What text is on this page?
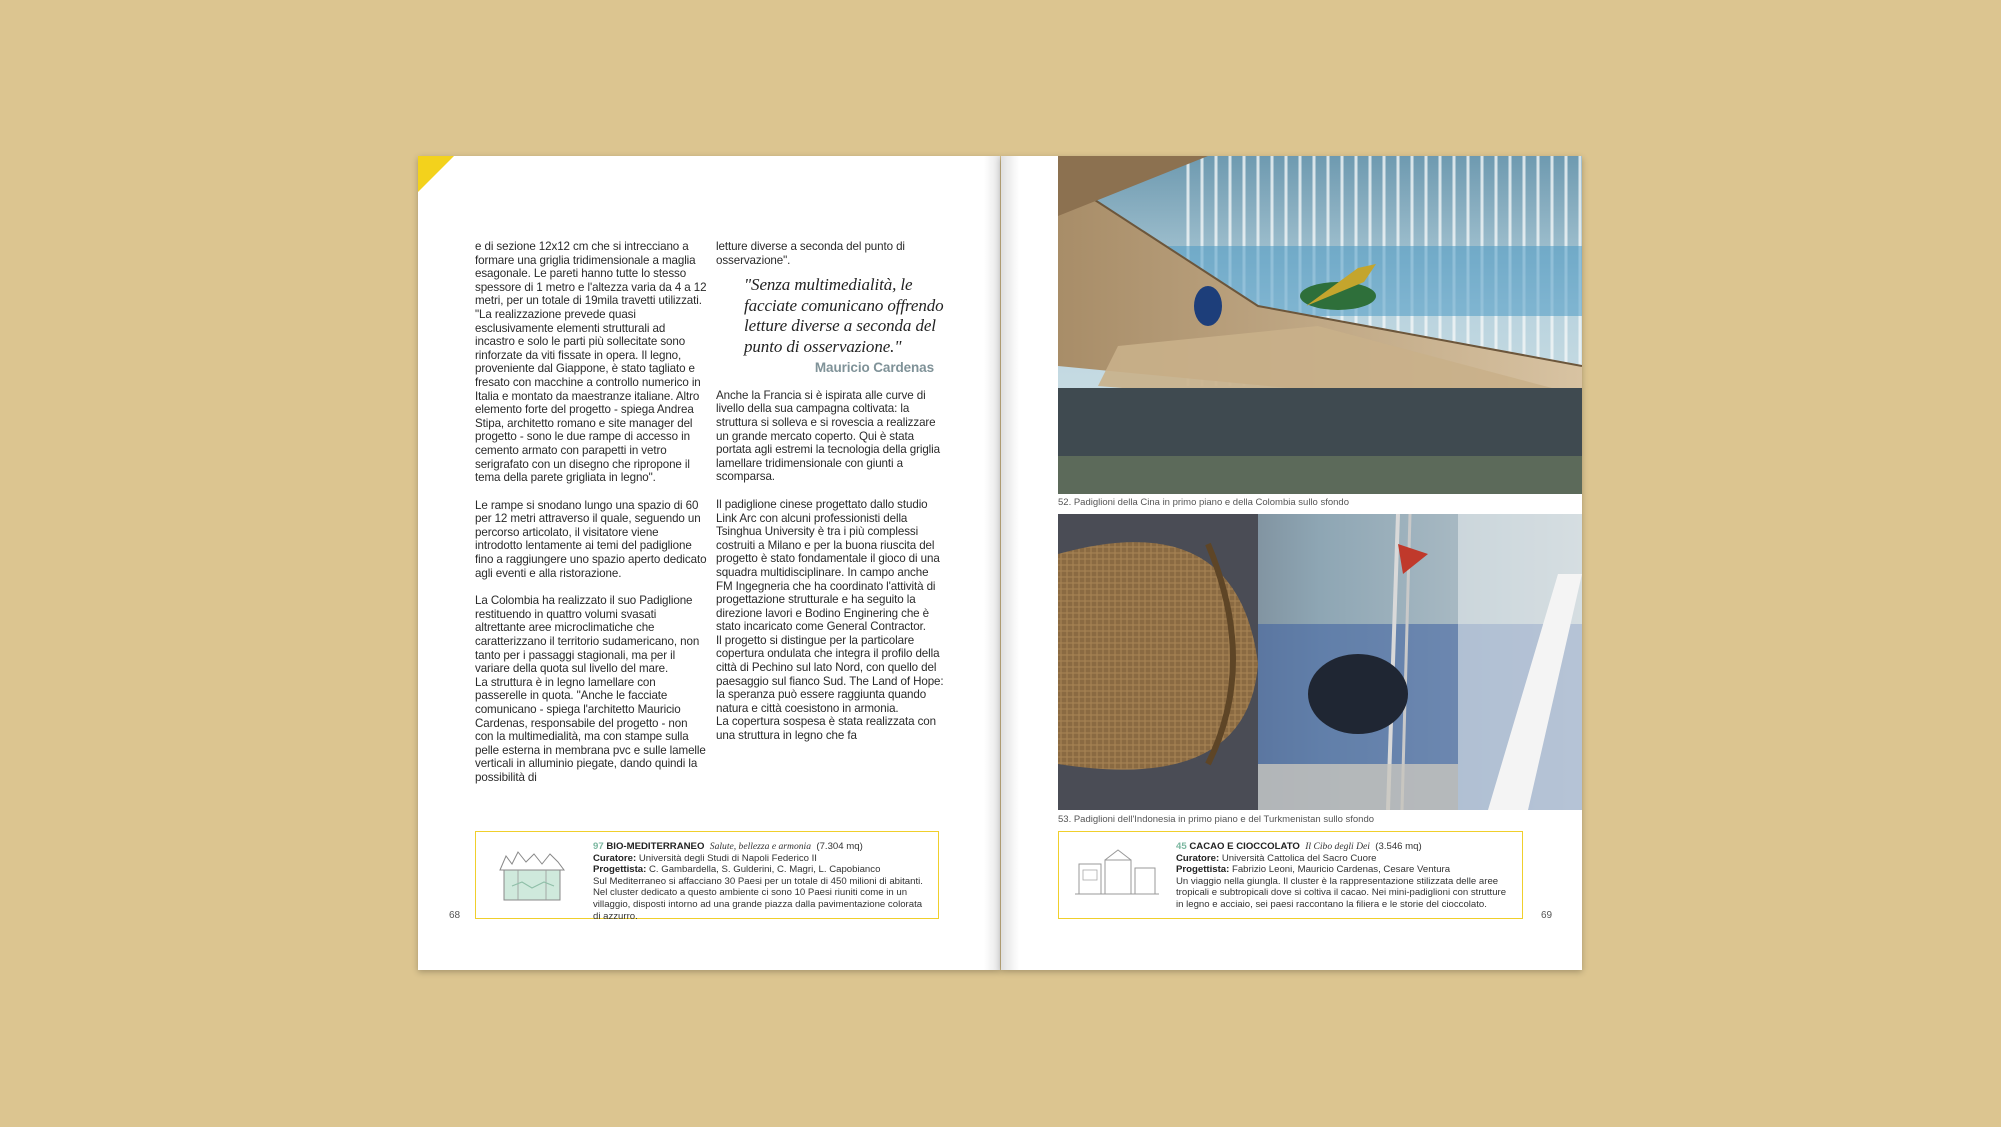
e di sezione 12x12 cm che si intrecciano a formare una griglia tridimensionale a maglia esagonale. Le pareti hanno tutte lo stesso spessore di 1 metro e l'altezza varia da 4 a 12 metri, per un totale di 19mila travetti utilizzati. "La realizzazione prevede quasi esclusivamente elementi strutturali ad incastro e solo le parti più sollecitate sono rinforzate da viti fissate in opera. Il legno, proveniente dal Giappone, è stato tagliato e fresato con macchine a controllo numerico in Italia e montato da maestranze italiane. Altro elemento forte del progetto - spiega Andrea Stipa, architetto romano e site manager del progetto - sono le due rampe di accesso in cemento armato con parapetti in vetro serigrafato con un disegno che ripropone il tema della parete grigliata in legno".

Le rampe si snodano lungo una spazio di 60 per 12 metri attraverso il quale, seguendo un percorso articolato, il visitatore viene introdotto lentamente ai temi del padiglione fino a raggiungere uno spazio aperto dedicato agli eventi e alla ristorazione.

La Colombia ha realizzato il suo Padiglione restituendo in quattro volumi svasati altrettante aree microclimatiche che caratterizzano il territorio sudamericano, non tanto per i passaggi stagionali, ma per il variare della quota sul livello del mare.

La struttura è in legno lamellare con passerelle in quota. "Anche le facciate comunicano - spiega l'architetto Mauricio Cardenas, responsabile del progetto - non con la multimedialità, ma con stampe sulla pelle esterna in membrana pvc e sulle lamelle verticali in alluminio piegate, dando quindi la possibilità di

letture diverse a seconda del punto di osservazione".

"Senza multimedialità, le facciate comunicano offrendo letture diverse a seconda del punto di osservazione."
Mauricio Cardenas

Anche la Francia si è ispirata alle curve di livello della sua campagna coltivata: la struttura si solleva e si rovescia a realizzare un grande mercato coperto. Qui è stata portata agli estremi la tecnologia della griglia lamellare tridimensionale con giunti a scomparsa.

Il padiglione cinese progettato dallo studio Link Arc con alcuni professionisti della Tsinghua University è tra i più complessi costruiti a Milano e per la buona riuscita del progetto è stato fondamentale il gioco di una squadra multidisciplinare. In campo anche FM Ingegneria che ha coordinato l'attività di progettazione strutturale e ha seguito la direzione lavori e Bodino Enginering che è stato incaricato come General Contractor.

Il progetto si distingue per la particolare copertura ondulata che integra il profilo della città di Pechino sul lato Nord, con quello del paesaggio sul fianco Sud. The Land of Hope: la speranza può essere raggiunta quando natura e città coesistono in armonia.

La copertura sospesa è stata realizzata con una struttura in legno che fa

97 BIO-MEDITERRANEO Salute, bellezza e armonia (7.304 mq)
Curatore: Università degli Studi di Napoli Federico II
Progettista: C. Gambardella, S. Gulderini, C. Magri, L. Capobianco
Sul Mediterraneo si affacciano 30 Paesi per un totale di 450 milioni di abitanti. Nel cluster dedicato a questo ambiente ci sono 10 Paesi riuniti come in un villaggio, disposti intorno ad una grande piazza dalla pavimentazione colorata di azzurro.
68
52. Padiglioni della Cina in primo piano e della Colombia sullo sfondo
53. Padiglioni dell'Indonesia in primo piano e del Turkmenistan sullo sfondo
45 CACAO E CIOCCOLATO Il Cibo degli Dei (3.546 mq)
Curatore: Università Cattolica del Sacro Cuore
Progettista: Fabrizio Leoni, Mauricio Cardenas, Cesare Ventura
Un viaggio nella giungla. Il cluster è la rappresentazione stilizzata delle aree tropicali e subtropicali dove si coltiva il cacao. Nei mini-padiglioni con strutture in legno e acciaio, sei paesi raccontano la filiera e le storie del cioccolato.
69
